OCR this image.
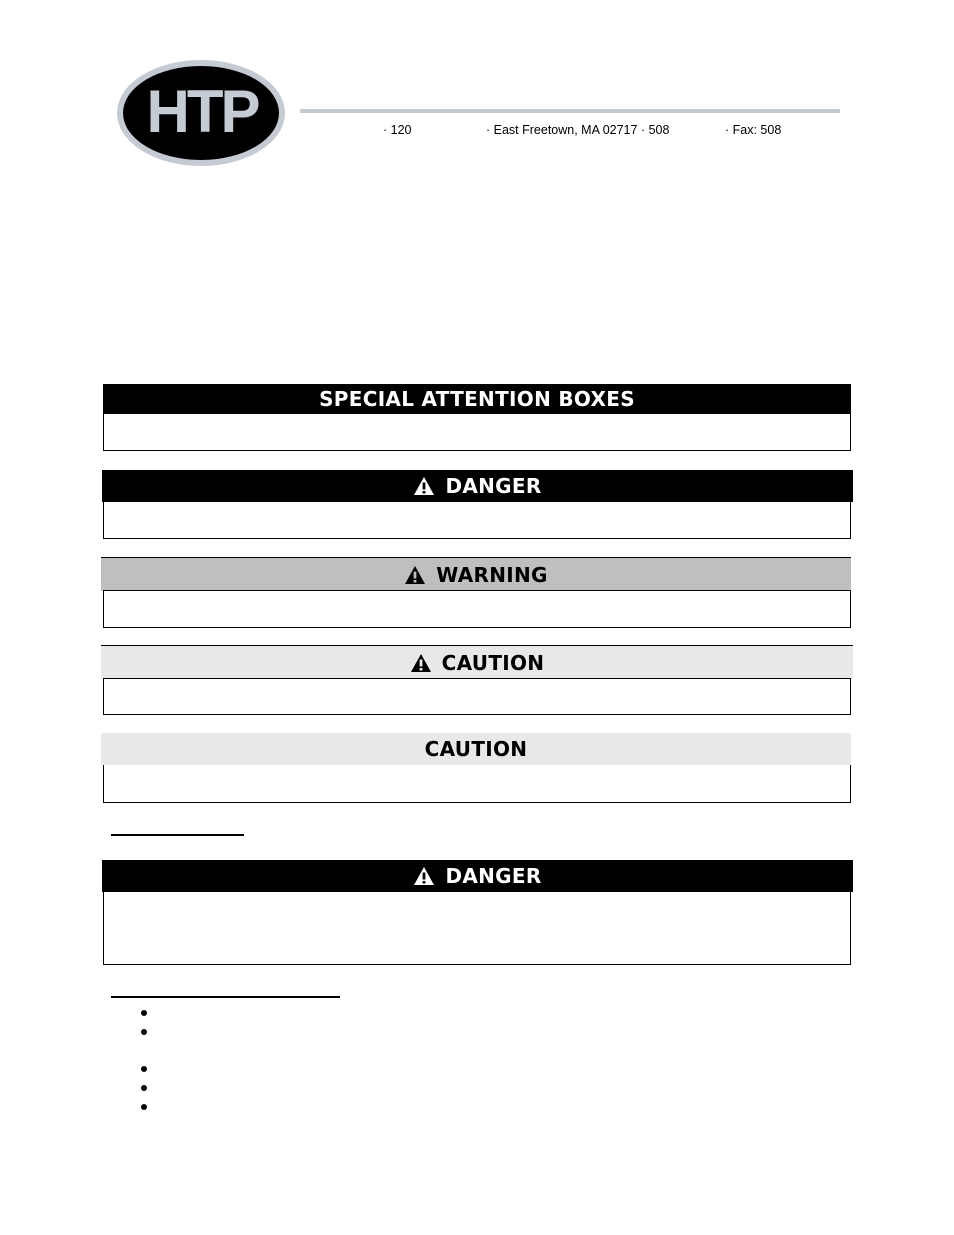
HTP	· 120	· East Freetown, MA 02717 · 508	· Fax: 508
SPECIAL ATTENTION BOXES
DANGER
WARNING
CAUTION
CAUTION
DANGER
